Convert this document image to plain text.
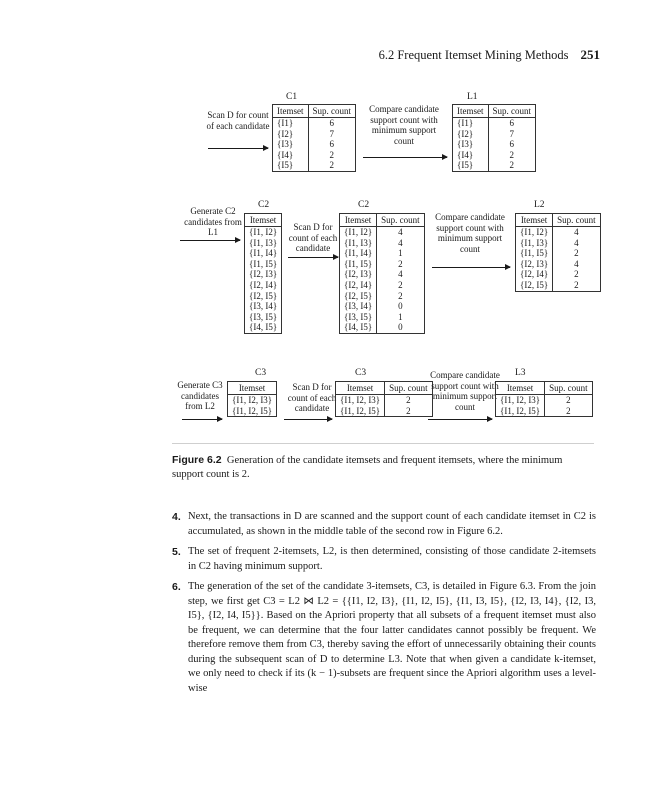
6.2 Frequent Itemset Mining Methods 251
Scan D for count of each candidate
C1
Itemset	Sup. count
{I1}	6
{I2}	7
{I3}	6
{I4}	2
{I5}	2
Compare candidate support count with minimum support count
L1
Itemset	Sup. count
{I1}	6
{I2}	7
{I3}	6
{I4}	2
{I5}	2
Generate C2 candidates from L1
C2
Itemset
{I1, I2}
{I1, I3}
{I1, I4}
{I1, I5}
{I2, I3}
{I2, I4}
{I2, I5}
{I3, I4}
{I3, I5}
{I4, I5}
Scan D for count of each candidate
C2
Itemset	Sup. count
{I1, I2}	4
{I1, I3}	4
{I1, I4}	1
{I1, I5}	2
{I2, I3}	4
{I2, I4}	2
{I2, I5}	2
{I3, I4}	0
{I3, I5}	1
{I4, I5}	0
Compare candidate support count with minimum support count
L2
Itemset	Sup. count
{I1, I2}	4
{I1, I3}	4
{I1, I5}	2
{I2, I3}	4
{I2, I4}	2
{I2, I5}	2
Generate C3 candidates from L2
C3
Itemset
{I1, I2, I3}
{I1, I2, I5}
Scan D for count of each candidate
C3
Itemset	Sup. count
{I1, I2, I3}	2
{I1, I2, I5}	2
Compare candidate support count with minimum support count
L3
Itemset	Sup. count
{I1, I2, I3}	2
{I1, I2, I5}	2
Figure 6.2 Generation of the candidate itemsets and frequent itemsets, where the minimum support count is 2.
4. Next, the transactions in D are scanned and the support count of each candidate itemset in C2 is accumulated, as shown in the middle table of the second row in Figure 6.2.
5. The set of frequent 2-itemsets, L2, is then determined, consisting of those candidate 2-itemsets in C2 having minimum support.
6. The generation of the set of the candidate 3-itemsets, C3, is detailed in Figure 6.3. From the join step, we first get C3 = L2 ⋈ L2 = {{I1, I2, I3}, {I1, I2, I5}, {I1, I3, I5}, {I2, I3, I4}, {I2, I3, I5}, {I2, I4, I5}}. Based on the Apriori property that all subsets of a frequent itemset must also be frequent, we can determine that the four latter candidates cannot possibly be frequent. We therefore remove them from C3, thereby saving the effort of unnecessarily obtaining their counts during the subsequent scan of D to determine L3. Note that when given a candidate k-itemset, we only need to check if its (k − 1)-subsets are frequent since the Apriori algorithm uses a level-wise
